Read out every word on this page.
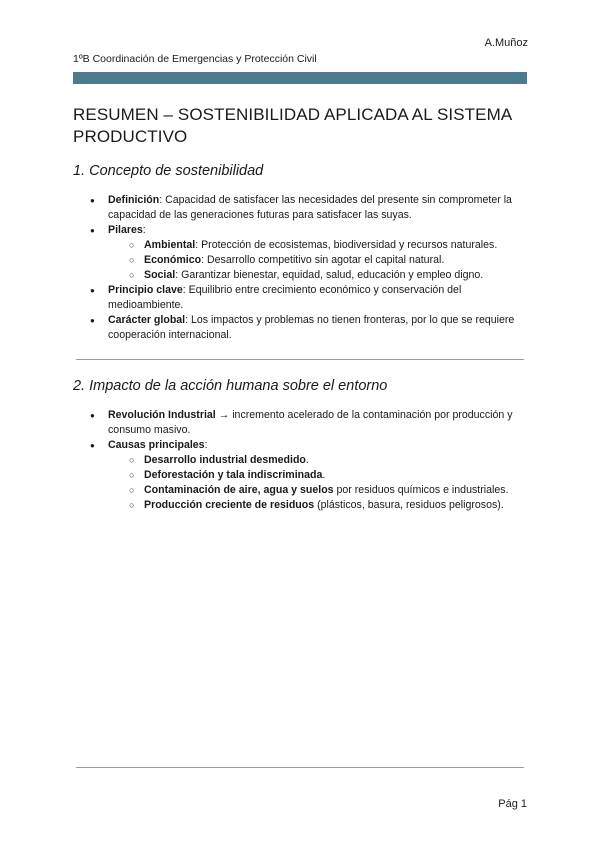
A.Muñoz
1ºB Coordinación de Emergencias y Protección Civil
RESUMEN – SOSTENIBILIDAD APLICADA AL SISTEMA PRODUCTIVO
1. Concepto de sostenibilidad
● Definición: Capacidad de satisfacer las necesidades del presente sin comprometer la capacidad de las generaciones futuras para satisfacer las suyas.
● Pilares:
○ Ambiental: Protección de ecosistemas, biodiversidad y recursos naturales.
○ Económico: Desarrollo competitivo sin agotar el capital natural.
○ Social: Garantizar bienestar, equidad, salud, educación y empleo digno.
● Principio clave: Equilibrio entre crecimiento económico y conservación del medioambiente.
● Carácter global: Los impactos y problemas no tienen fronteras, por lo que se requiere cooperación internacional.
2. Impacto de la acción humana sobre el entorno
● Revolución Industrial → incremento acelerado de la contaminación por producción y consumo masivo.
● Causas principales:
○ Desarrollo industrial desmedido.
○ Deforestación y tala indiscriminada.
○ Contaminación de aire, agua y suelos por residuos químicos e industriales.
○ Producción creciente de residuos (plásticos, basura, residuos peligrosos).
Pág 1
